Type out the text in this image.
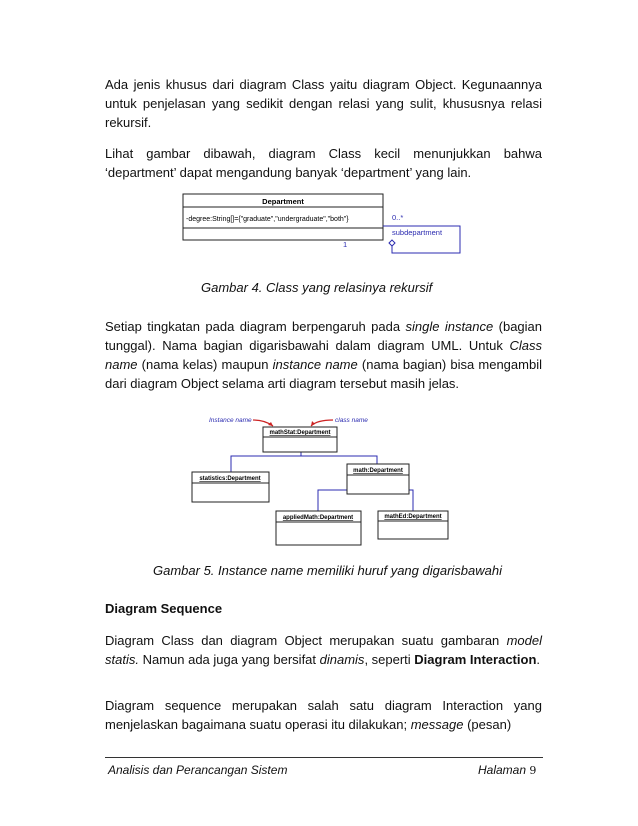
Ada jenis khusus dari diagram Class yaitu diagram Object. Kegunaannya untuk penjelasan yang sedikit dengan relasi yang sulit, khususnya relasi rekursif.

Lihat gambar dibawah, diagram Class kecil menunjukkan bahwa ‘department’ dapat mengandung banyak ‘department’ yang lain.

Department
-degree:String[]={"graduate","undergraduate","both"}	0..*
subdepartment
1

Gambar 4. Class yang relasinya rekursif

Setiap tingkatan pada diagram berpengaruh pada single instance (bagian tunggal). Nama bagian digarisbawahi dalam diagram UML. Untuk Class name (nama kelas) maupun instance name (nama bagian) bisa mengambil dari diagram Object selama arti diagram tersebut masih jelas.

Instance name	class name
mathStat:Department
statistics:Department
math:Department
appliedMath:Department	mathEd:Department

Gambar 5. Instance name memiliki huruf yang digarisbawahi

Diagram Sequence

Diagram Class dan diagram Object merupakan suatu gambaran model statis. Namun ada juga yang bersifat dinamis, seperti Diagram Interaction.

Diagram sequence merupakan salah satu diagram Interaction yang menjelaskan bagaimana suatu operasi itu dilakukan; message (pesan)

Analisis dan Perancangan Sistem	Halaman 9
